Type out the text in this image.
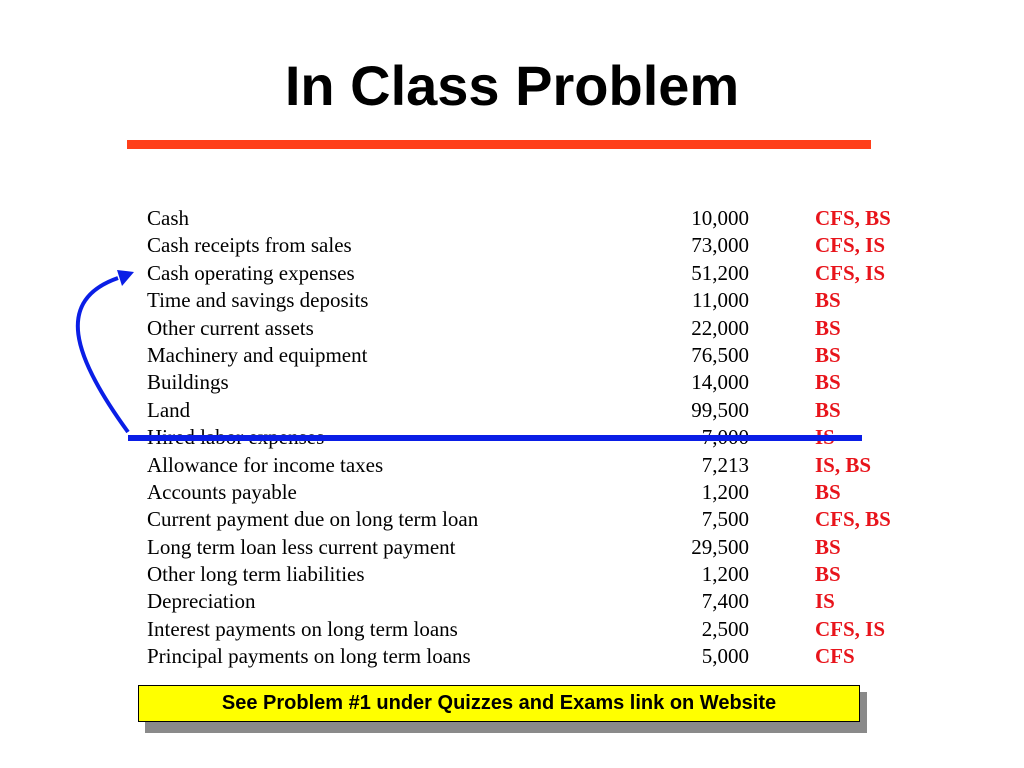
In Class Problem
Cash	10,000	CFS, BS
Cash receipts from sales	73,000	CFS, IS
Cash operating expenses	51,200	CFS, IS
Time and savings deposits	11,000	BS
Other current assets	22,000	BS
Machinery and equipment	76,500	BS
Buildings	14,000	BS
Land	99,500	BS
Hired labor expenses	7,000	IS
Allowance for income taxes	7,213	IS, BS
Accounts payable	1,200	BS
Current payment due on long term loan	7,500	CFS, BS
Long term loan less current payment	29,500	BS
Other long term liabilities	1,200	BS
Depreciation	7,400	IS
Interest payments on long term loans	2,500	CFS, IS
Principal payments on long term loans	5,000	CFS
See Problem #1 under Quizzes and Exams link on Website
